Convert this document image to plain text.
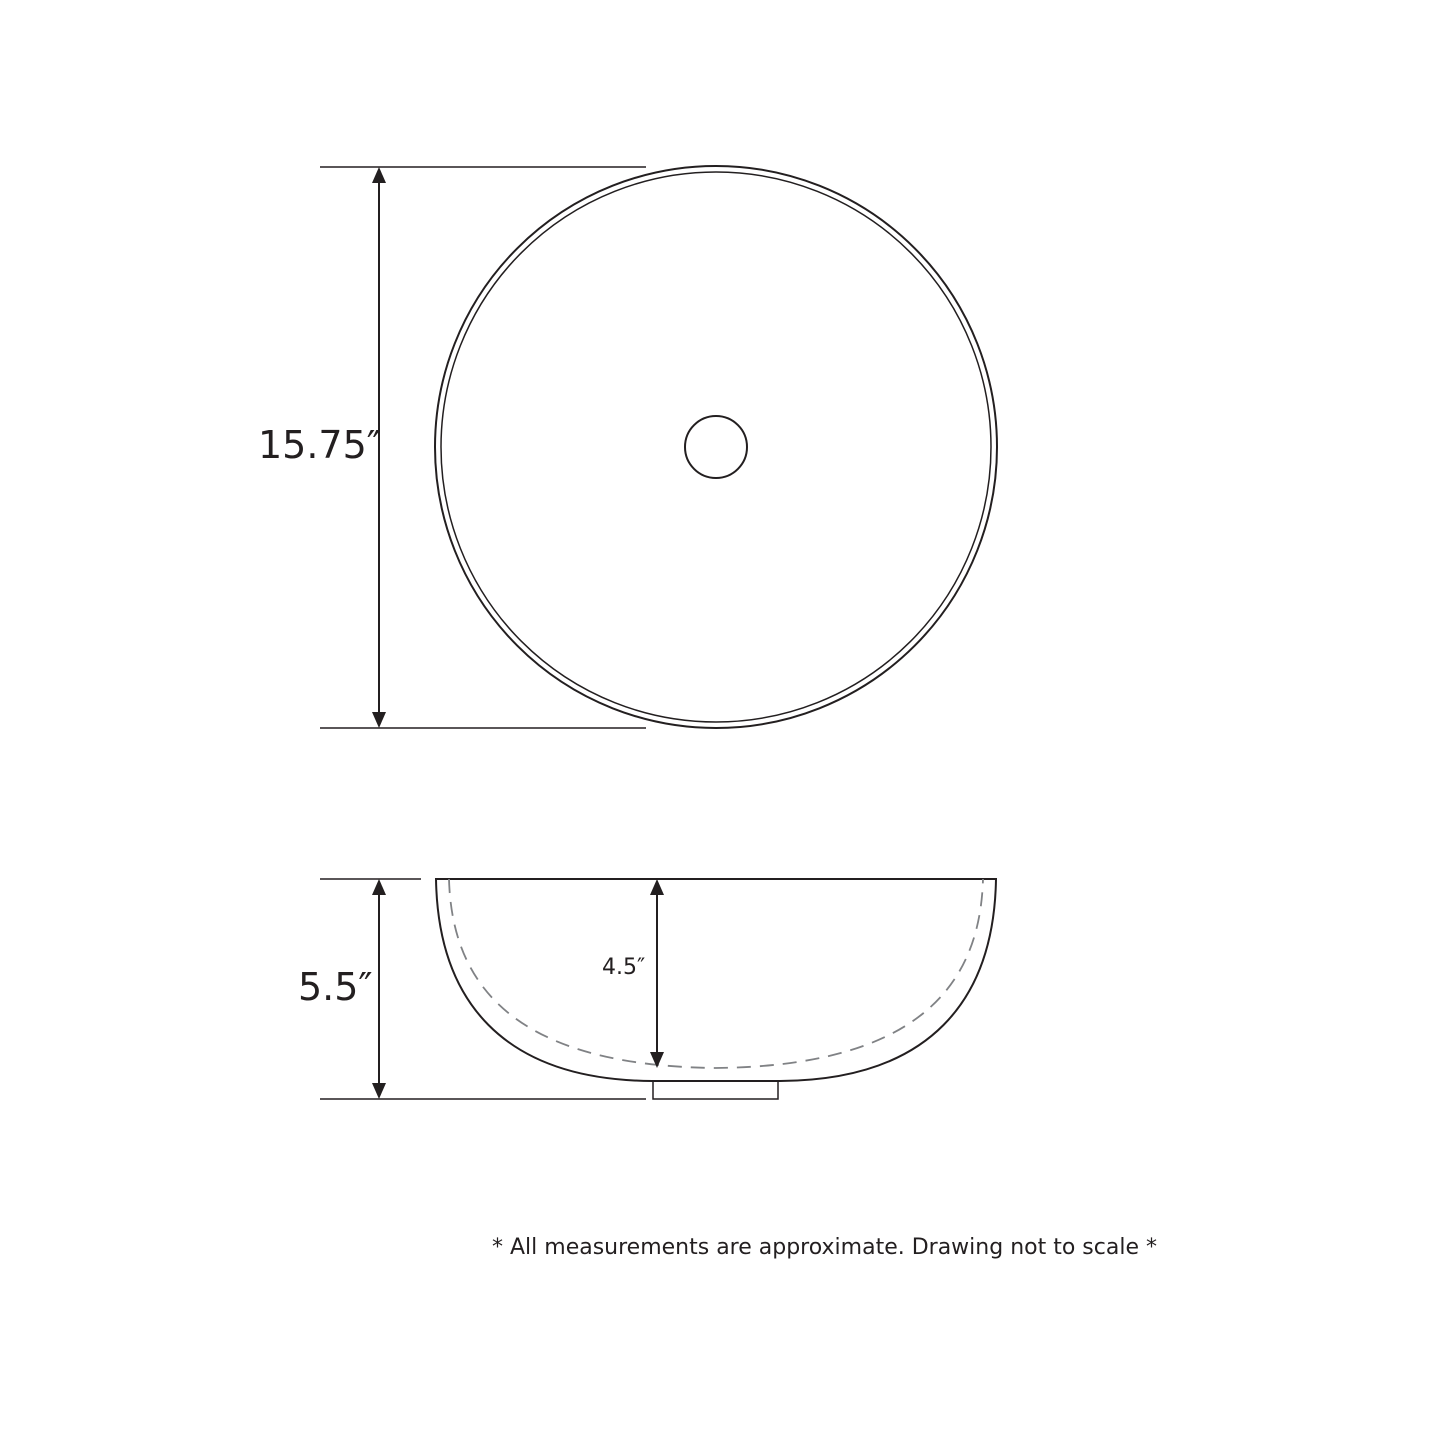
15.75″
5.5″	4.5″
* All measurements are approximate. Drawing not to scale *
